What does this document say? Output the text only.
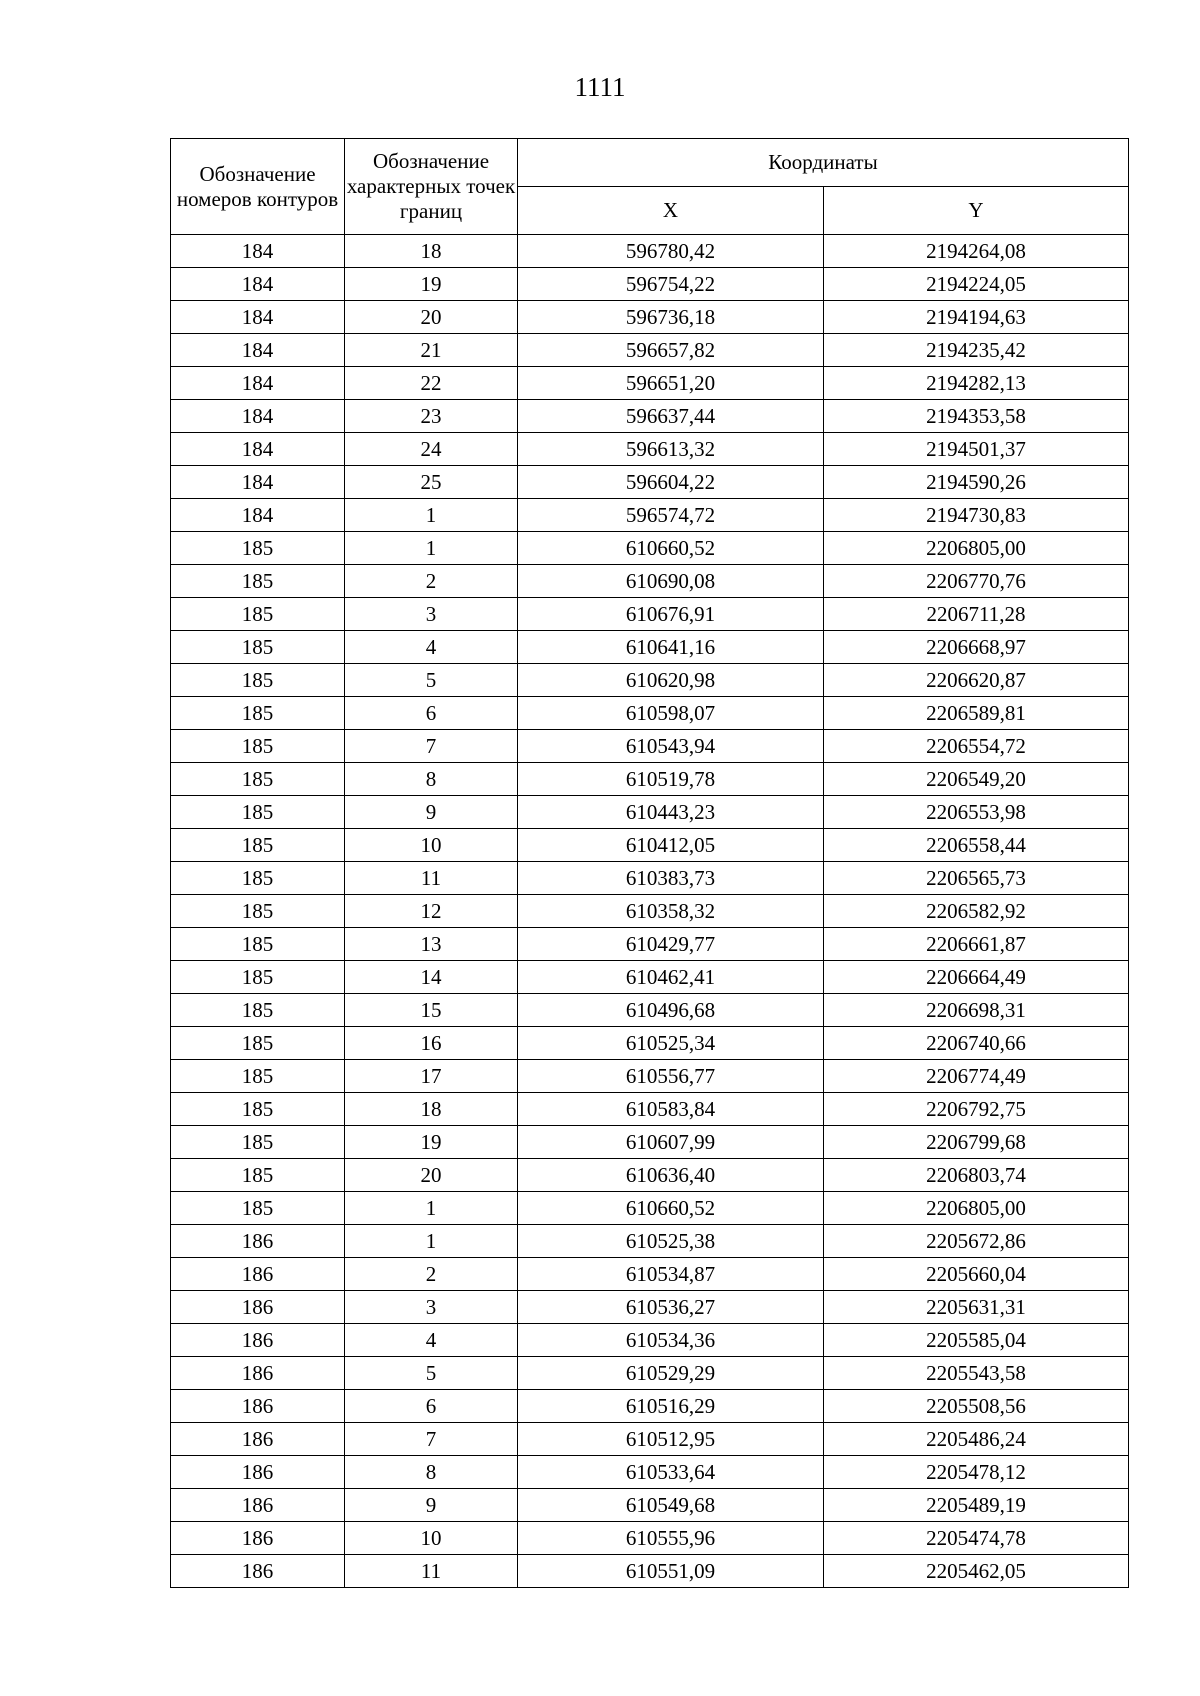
1111
Обозначение номеров контуров	Обозначение характерных точек границ	Координаты	
		X	Y
184	18	596780,42	2194264,08
184	19	596754,22	2194224,05
184	20	596736,18	2194194,63
184	21	596657,82	2194235,42
184	22	596651,20	2194282,13
184	23	596637,44	2194353,58
184	24	596613,32	2194501,37
184	25	596604,22	2194590,26
184	1	596574,72	2194730,83
185	1	610660,52	2206805,00
185	2	610690,08	2206770,76
185	3	610676,91	2206711,28
185	4	610641,16	2206668,97
185	5	610620,98	2206620,87
185	6	610598,07	2206589,81
185	7	610543,94	2206554,72
185	8	610519,78	2206549,20
185	9	610443,23	2206553,98
185	10	610412,05	2206558,44
185	11	610383,73	2206565,73
185	12	610358,32	2206582,92
185	13	610429,77	2206661,87
185	14	610462,41	2206664,49
185	15	610496,68	2206698,31
185	16	610525,34	2206740,66
185	17	610556,77	2206774,49
185	18	610583,84	2206792,75
185	19	610607,99	2206799,68
185	20	610636,40	2206803,74
185	1	610660,52	2206805,00
186	1	610525,38	2205672,86
186	2	610534,87	2205660,04
186	3	610536,27	2205631,31
186	4	610534,36	2205585,04
186	5	610529,29	2205543,58
186	6	610516,29	2205508,56
186	7	610512,95	2205486,24
186	8	610533,64	2205478,12
186	9	610549,68	2205489,19
186	10	610555,96	2205474,78
186	11	610551,09	2205462,05
